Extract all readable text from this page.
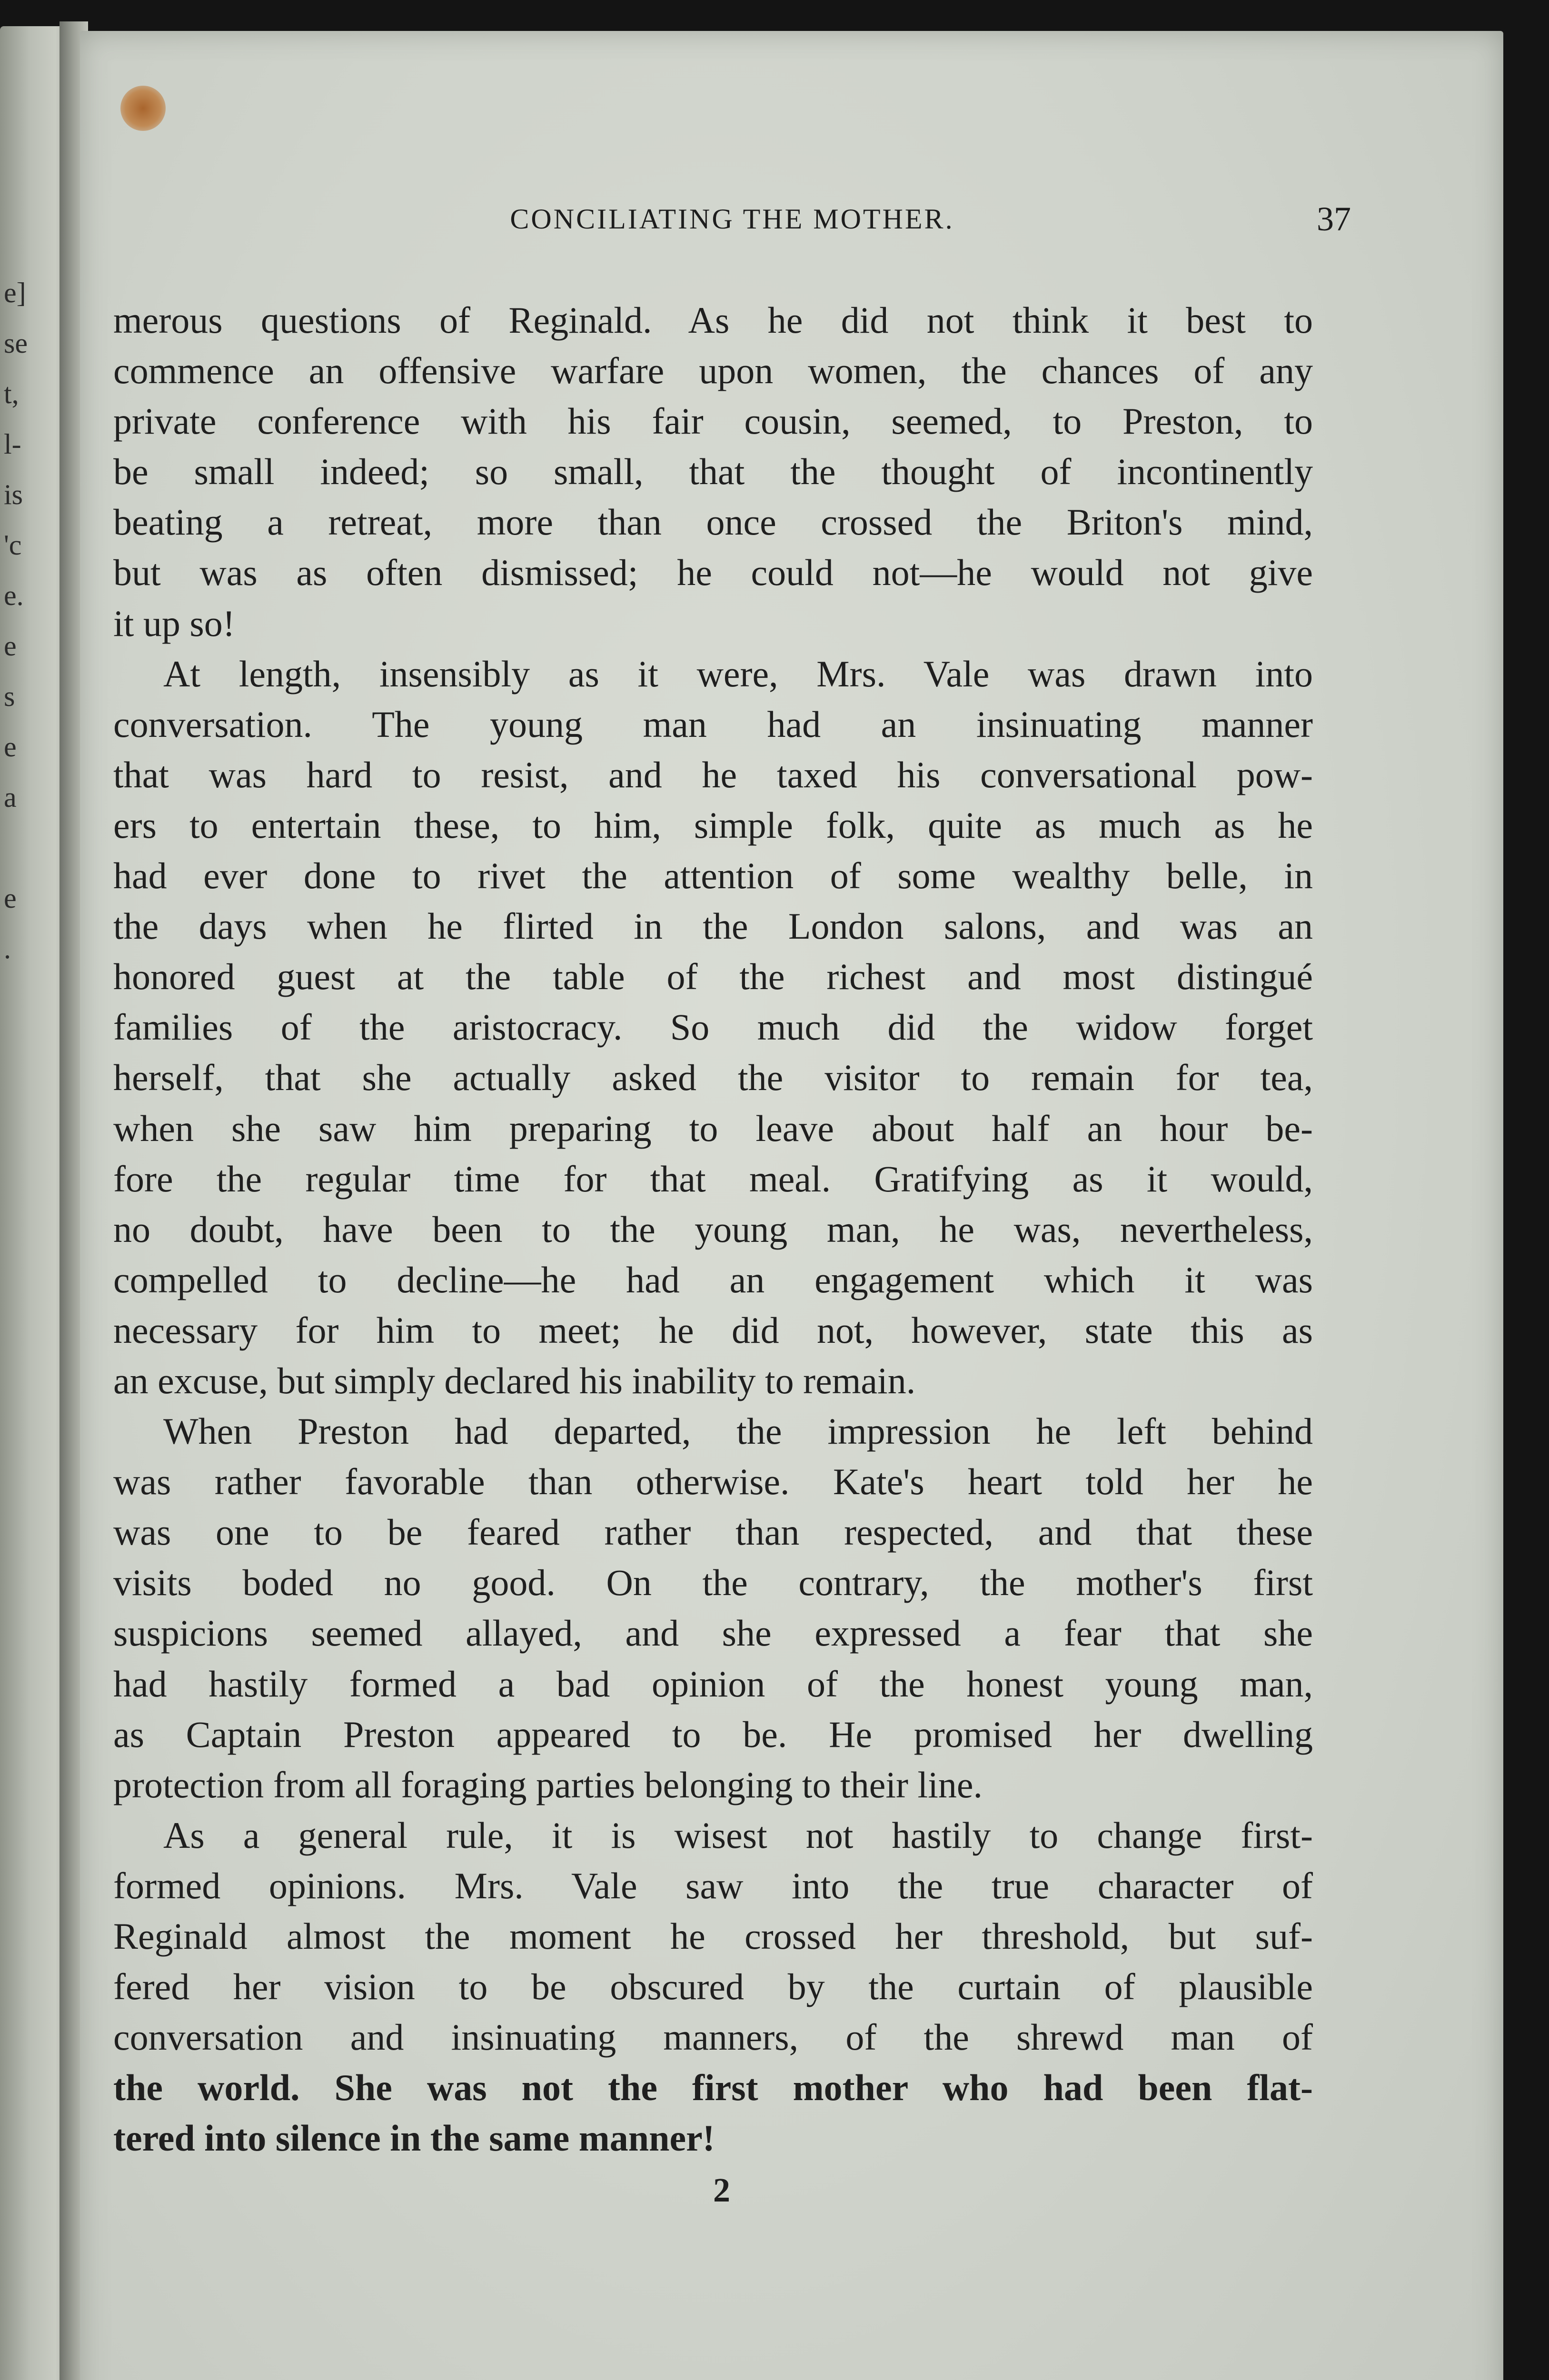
e]
se
t,
l-
is
'c
e.
e
s
e
a
e
.
CONCILIATING THE MOTHER.	37
merous questions of Reginald. As he did not think it best to
commence an offensive warfare upon women, the chances of any
private conference with his fair cousin, seemed, to Preston, to
be small indeed; so small, that the thought of incontinently
beating a retreat, more than once crossed the Briton's mind,
but was as often dismissed; he could not—he would not give
it up so!
At length, insensibly as it were, Mrs. Vale was drawn into
conversation. The young man had an insinuating manner
that was hard to resist, and he taxed his conversational pow-
ers to entertain these, to him, simple folk, quite as much as he
had ever done to rivet the attention of some wealthy belle, in
the days when he flirted in the London salons, and was an
honored guest at the table of the richest and most distingué
families of the aristocracy. So much did the widow forget
herself, that she actually asked the visitor to remain for tea,
when she saw him preparing to leave about half an hour be-
fore the regular time for that meal. Gratifying as it would,
no doubt, have been to the young man, he was, nevertheless,
compelled to decline—he had an engagement which it was
necessary for him to meet; he did not, however, state this as
an excuse, but simply declared his inability to remain.
When Preston had departed, the impression he left behind
was rather favorable than otherwise. Kate's heart told her he
was one to be feared rather than respected, and that these
visits boded no good. On the contrary, the mother's first
suspicions seemed allayed, and she expressed a fear that she
had hastily formed a bad opinion of the honest young man,
as Captain Preston appeared to be. He promised her dwelling
protection from all foraging parties belonging to their line.
As a general rule, it is wisest not hastily to change first-
formed opinions. Mrs. Vale saw into the true character of
Reginald almost the moment he crossed her threshold, but suf-
fered her vision to be obscured by the curtain of plausible
conversation and insinuating manners, of the shrewd man of
the world. She was not the first mother who had been flat-
tered into silence in the same manner!
2
